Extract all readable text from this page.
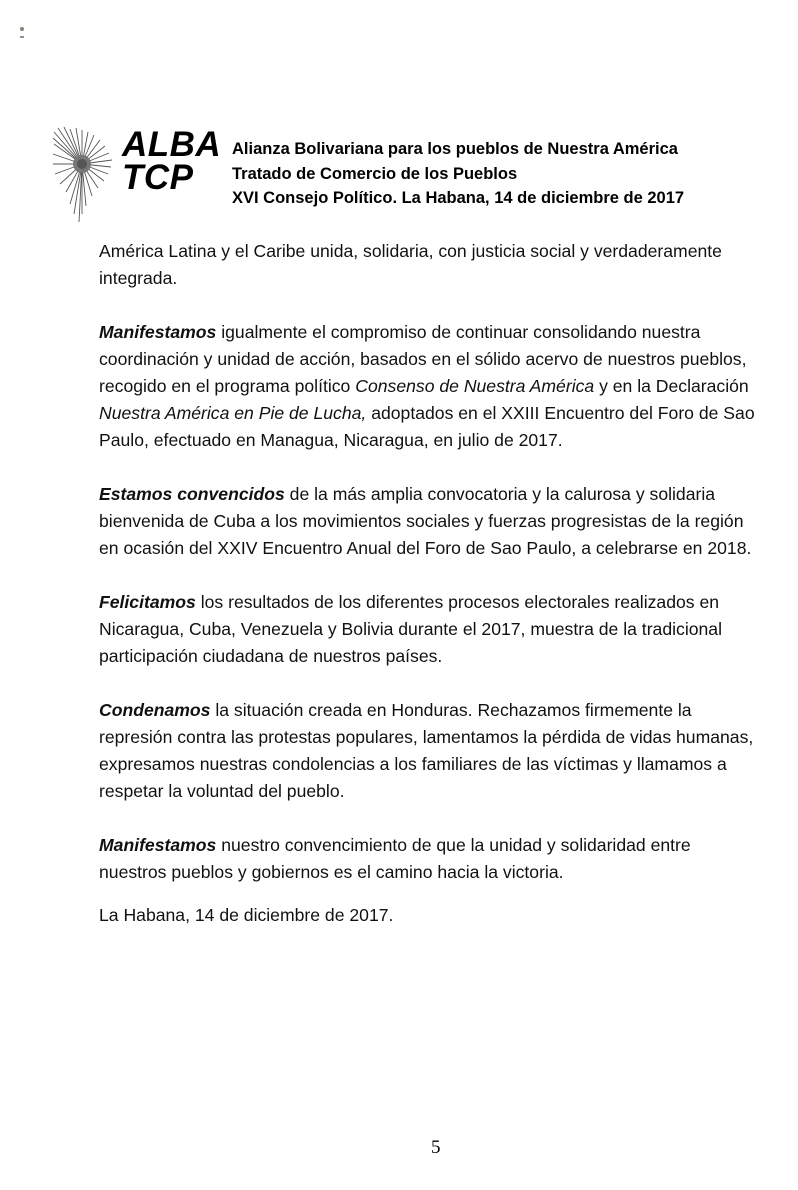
ALBA
TCP
Alianza Bolivariana para los pueblos de Nuestra América
Tratado de Comercio de los Pueblos
XVI Consejo Político. La Habana, 14 de diciembre de 2017

América Latina y el Caribe unida, solidaria, con justicia social y verdaderamente integrada.

Manifestamos igualmente el compromiso de continuar consolidando nuestra coordinación y unidad de acción, basados en el sólido acervo de nuestros pueblos, recogido en el programa político Consenso de Nuestra América y en la Declaración Nuestra América en Pie de Lucha, adoptados en el XXIII Encuentro del Foro de Sao Paulo, efectuado en Managua, Nicaragua, en julio de 2017.

Estamos convencidos de la más amplia convocatoria y la calurosa y solidaria bienvenida de Cuba a los movimientos sociales y fuerzas progresistas de la región en ocasión del XXIV Encuentro Anual del Foro de Sao Paulo, a celebrarse en 2018.

Felicitamos los resultados de los diferentes procesos electorales realizados en Nicaragua, Cuba, Venezuela y Bolivia durante el 2017, muestra de la tradicional participación ciudadana de nuestros países.

Condenamos la situación creada en Honduras. Rechazamos firmemente la represión contra las protestas populares, lamentamos la pérdida de vidas humanas, expresamos nuestras condolencias a los familiares de las víctimas y llamamos a respetar la voluntad del pueblo.

Manifestamos nuestro convencimiento de que la unidad y solidaridad entre nuestros pueblos y gobiernos es el camino hacia la victoria.

La Habana, 14 de diciembre de 2017.

5
